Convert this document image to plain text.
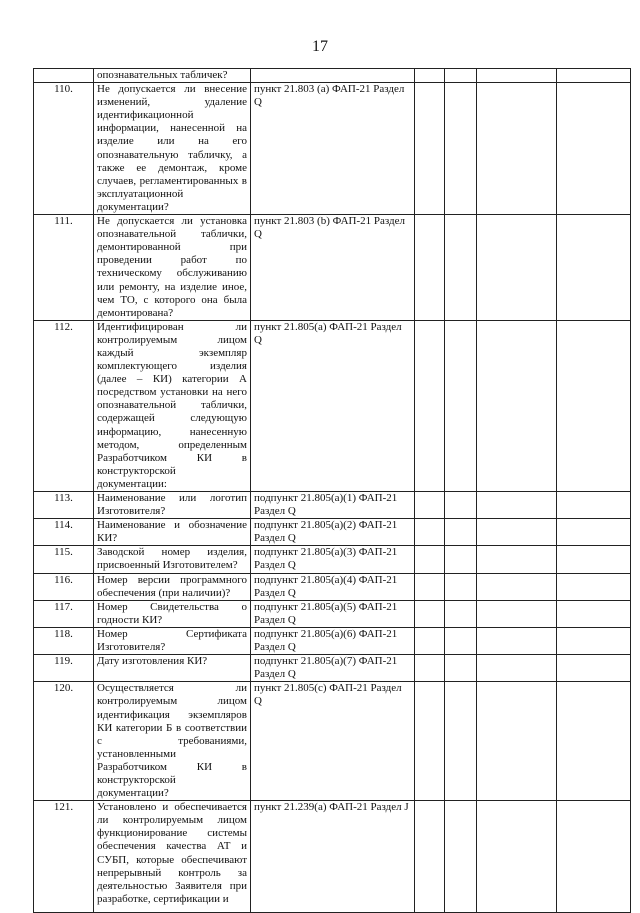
17
	опознавательных табличек?					
110.	Не допускается ли внесение изменений, удаление идентификационной информации, нанесенной на изделие или на его опознавательную табличку, а также ее демонтаж, кроме случаев, регламентированных в эксплуатационной документации?	пункт 21.803 (a) ФАП-21 Раздел Q				
111.	Не допускается ли установка опознавательной таблички, демонтированной при проведении работ по техническому обслуживанию или ремонту, на изделие иное, чем ТО, с которого она была демонтирована?	пункт 21.803 (b) ФАП-21 Раздел Q				
112.	Идентифицирован ли контролируемым лицом каждый экземпляр комплектующего изделия (далее – КИ) категории А посредством установки на него опознавательной таблички, содержащей следующую информацию, нанесенную методом, определенным Разработчиком КИ в конструкторской документации:	пункт 21.805(a) ФАП-21 Раздел Q				
113.	Наименование или логотип Изготовителя?	подпункт 21.805(a)(1) ФАП-21 Раздел Q				
114.	Наименование и обозначение КИ?	подпункт 21.805(a)(2) ФАП-21 Раздел Q				
115.	Заводской номер изделия, присвоенный Изготовителем?	подпункт 21.805(a)(3) ФАП-21 Раздел Q				
116.	Номер версии программного обеспечения (при наличии)?	подпункт 21.805(a)(4) ФАП-21 Раздел Q				
117.	Номер Свидетельства о годности КИ?	подпункт 21.805(a)(5) ФАП-21 Раздел Q				
118.	Номер Сертификата Изготовителя?	подпункт 21.805(a)(6) ФАП-21 Раздел Q				
119.	Дату изготовления КИ?	подпункт 21.805(a)(7) ФАП-21 Раздел Q				
120.	Осуществляется ли контролируемым лицом идентификация экземпляров КИ категории Б в соответствии с требованиями, установленными Разработчиком КИ в конструкторской документации?	пункт 21.805(c) ФАП-21 Раздел Q				
121.	Установлено и обеспечивается ли контролируемым лицом функционирование системы обеспечения качества АТ и СУБП, которые обеспечивают непрерывный контроль за деятельностью Заявителя при разработке, сертификации и	пункт 21.239(a) ФАП-21 Раздел J				
